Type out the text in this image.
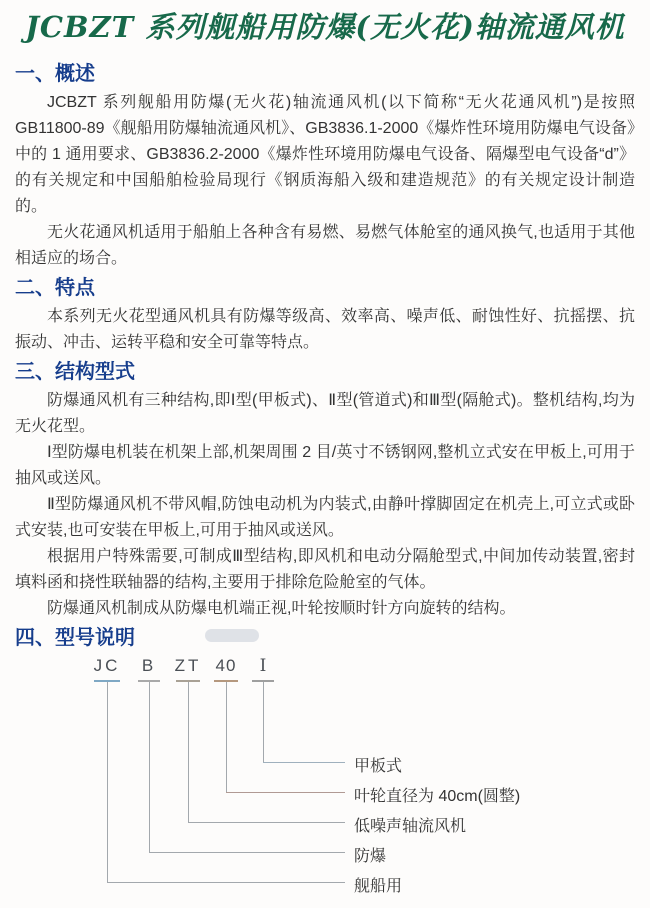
JCBZT 系列舰船用防爆(无火花)轴流通风机
一、概述

JCBZT 系列舰船用防爆(无火花)轴流通风机(以下简称“无火花通风机”)是按照 GB11800-89《舰船用防爆轴流通风机》、GB3836.1-2000《爆炸性环境用防爆电气设备》中的 1 通用要求、GB3836.2-2000《爆炸性环境用防爆电气设备、隔爆型电气设备“d”》的有关规定和中国船舶检验局现行《钢质海船入级和建造规范》的有关规定设计制造的。

无火花通风机适用于船舶上各种含有易燃、易燃气体舱室的通风换气,也适用于其他相适应的场合。

二、特点

本系列无火花型通风机具有防爆等级高、效率高、噪声低、耐蚀性好、抗摇摆、抗振动、冲击、运转平稳和安全可靠等特点。

三、结构型式

防爆通风机有三种结构,即Ⅰ型(甲板式)、Ⅱ型(管道式)和Ⅲ型(隔舱式)。整机结构,均为无火花型。

Ⅰ型防爆电机装在机架上部,机架周围 2 目/英寸不锈钢网,整机立式安在甲板上,可用于抽风或送风。

Ⅱ型防爆通风机不带风帽,防蚀电动机为内装式,由静叶撑脚固定在机壳上,可立式或卧式安装,也可安装在甲板上,可用于抽风或送风。

根据用户特殊需要,可制成Ⅲ型结构,即风机和电动分隔舱型式,中间加传动装置,密封填料函和挠性联轴器的结构,主要用于排除危险舱室的气体。

防爆通风机制成从防爆电机端正视,叶轮按顺时针方向旋转的结构。

四、型号说明
JC	B	ZT 40	I
甲板式
叶轮直径为 40cm(圆整)
低噪声轴流风机
防爆
舰船用
